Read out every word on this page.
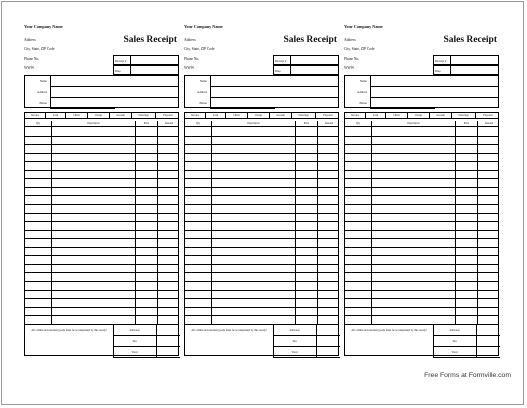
Your Company Name
Address
City, State, ZIP Code
Phone No.
WWW
Sales Receipt
Receipt #
Date
Name
Address
Phone
Invoice	Cash	Check	Charge	Account	Sales Rep	Exported
Qty	Description	Price	Amount
All claims and returned goods must be accompanied by this receipt	Subtotal
Tax
Total
Your Company Name
Address
City, State, ZIP Code
Phone No.
WWW
Sales Receipt
Receipt #
Date
Name
Address
Phone
Invoice	Cash	Check	Charge	Account	Sales Rep	Exported
Qty	Description	Price	Amount
All claims and returned goods must be accompanied by this receipt	Subtotal
Tax
Total
Your Company Name
Address
City, State, ZIP Code
Phone No.
WWW
Sales Receipt
Receipt #
Date
Name
Address
Phone
Invoice	Cash	Check	Charge	Account	Sales Rep	Exported
Qty	Description	Price	Amount
All claims and returned goods must be accompanied by this receipt	Subtotal
Tax
Total
Free Forms at Formville.com
